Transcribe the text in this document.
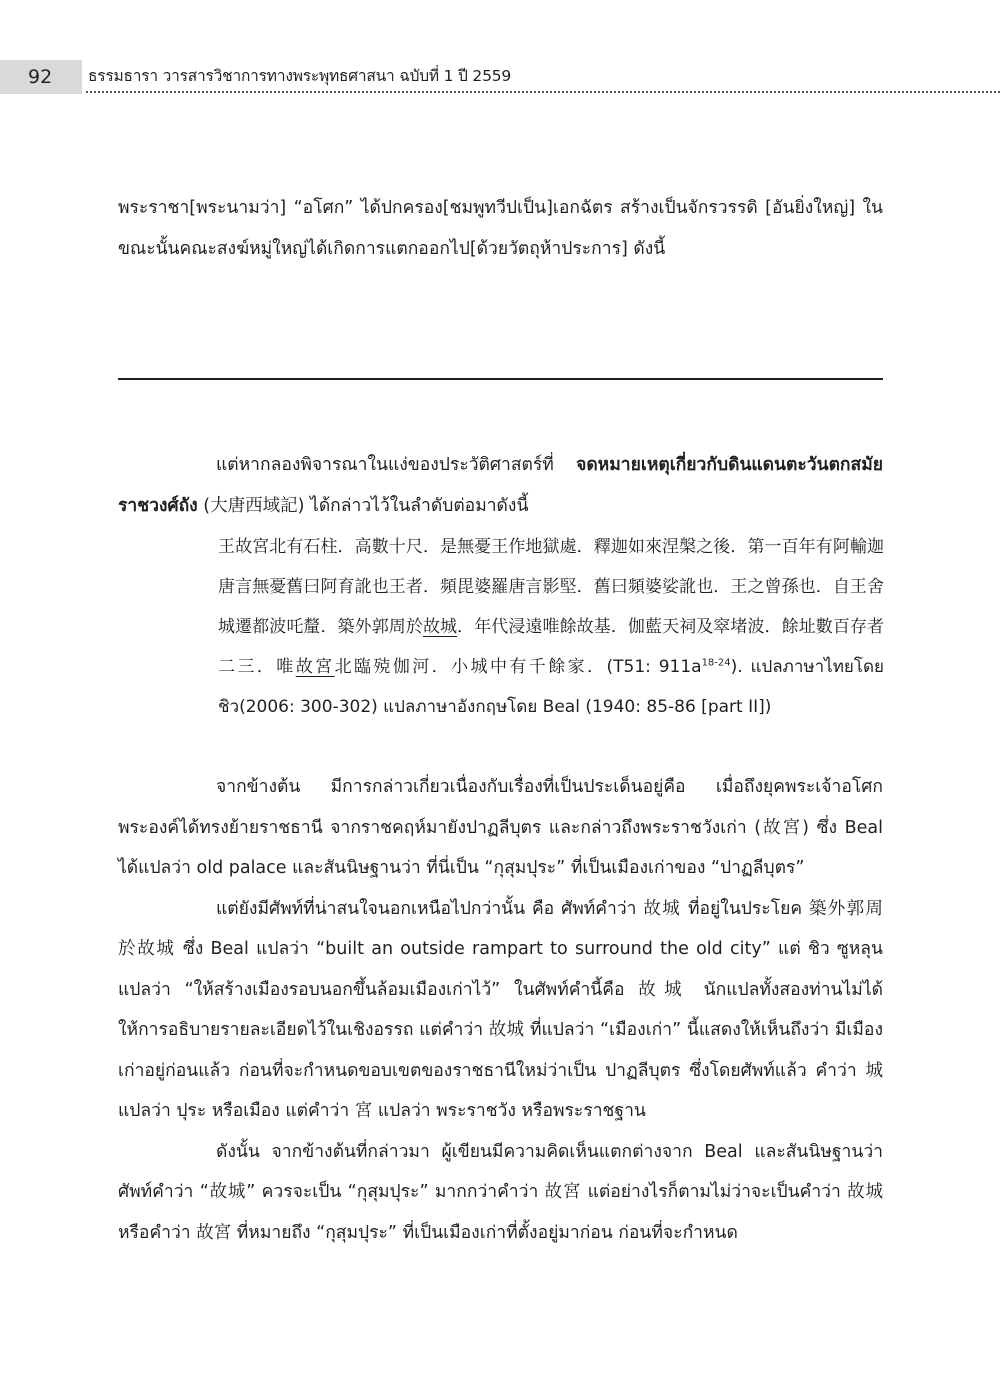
92	ธรรมธารา วารสารวิชาการทางพระพุทธศาสนา ฉบับที่ 1 ปี 2559

พระราชา[พระนามว่า] “อโศก” ได้ปกครอง[ชมพูทวีปเป็น]เอกฉัตร สร้างเป็นจักรวรรดิ [อันยิ่งใหญ่] ในขณะนั้นคณะสงฆ์หมู่ใหญ่ได้เกิดการแตกออกไป[ด้วยวัตถุห้าประการ] ดังนี้

แต่หากลองพิจารณาในแง่ของประวัติศาสตร์ที่ จดหมายเหตุเกี่ยวกับดินแดนตะวันตกสมัยราชวงศ์ถัง (大唐西域記) ได้กล่าวไว้ในลำดับต่อมาดังนี้

王故宮北有石柱．高數十尺．是無憂王作地獄處．釋迦如來涅槃之後．第一百年有阿輸迦唐言無憂舊曰阿育訛也王者．頻毘婆羅唐言影堅．舊曰頻婆娑訛也．王之曾孫也．自王舍城遷都波吒釐．築外郭周於故城．年代浸遠唯餘故基．伽藍天祠及窣堵波．餘址數百存者二三．唯故宮北臨殑伽河．小城中有千餘家．(T51: $911a^{18-24}$). แปลภาษาไทยโดย ชิว(2006: 300-302) แปลภาษาอังกฤษโดย Beal (1940: 85-86 [part II])

จากข้างต้น มีการกล่าวเกี่ยวเนื่องกับเรื่องที่เป็นประเด็นอยู่คือ เมื่อถึงยุคพระเจ้าอโศก พระองค์ได้ทรงย้ายราชธานี จากราชคฤห์มายังปาฏลีบุตร และกล่าวถึงพระราชวังเก่า (故宮) ซึ่ง Beal ได้แปลว่า old palace และสันนิษฐานว่า ที่นี่เป็น “กุสุมปุระ” ที่เป็นเมืองเก่าของ “ปาฏลีบุตร”

แต่ยังมีศัพท์ที่น่าสนใจนอกเหนือไปกว่านั้น คือ ศัพท์คำว่า 故城 ที่อยู่ในประโยค 築外郭周於故城 ซึ่ง Beal แปลว่า “built an outside rampart to surround the old city” แต่ ชิว ซูหลุน แปลว่า “ให้สร้างเมืองรอบนอกขึ้นล้อมเมืองเก่าไว้” ในศัพท์คำนี้คือ 故城 นักแปลทั้งสองท่านไม่ได้ให้การอธิบายรายละเอียดไว้ในเชิงอรรถ แต่คำว่า 故城 ที่แปลว่า “เมืองเก่า” นี้แสดงให้เห็นถึงว่า มีเมืองเก่าอยู่ก่อนแล้ว ก่อนที่จะกำหนดขอบเขตของราชธานีใหม่ว่าเป็น ปาฏลีบุตร ซึ่งโดยศัพท์แล้ว คำว่า 城 แปลว่า ปุระ หรือเมือง แต่คำว่า 宮 แปลว่า พระราชวัง หรือพระราชฐาน

ดังนั้น จากข้างต้นที่กล่าวมา ผู้เขียนมีความคิดเห็นแตกต่างจาก Beal และสันนิษฐานว่า ศัพท์คำว่า “故城” ควรจะเป็น “กุสุมปุระ” มากกว่าคำว่า 故宮 แต่อย่างไรก็ตามไม่ว่าจะเป็นคำว่า 故城 หรือคำว่า 故宮 ที่หมายถึง “กุสุมปุระ” ที่เป็นเมืองเก่าที่ตั้งอยู่มาก่อน ก่อนที่จะกำหนด
